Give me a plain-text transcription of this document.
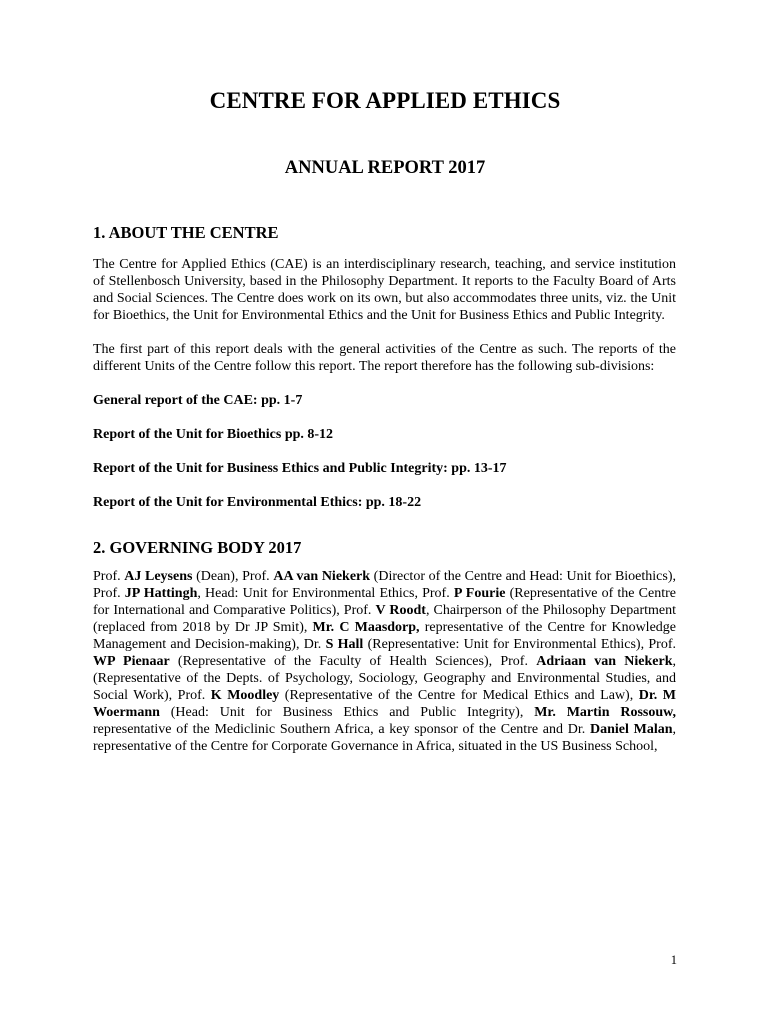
CENTRE FOR APPLIED ETHICS
ANNUAL REPORT 2017
1. ABOUT THE CENTRE

The Centre for Applied Ethics (CAE) is an interdisciplinary research, teaching, and service institution of Stellenbosch University, based in the Philosophy Department. It reports to the Faculty Board of Arts and Social Sciences. The Centre does work on its own, but also accommodates three units, viz. the Unit for Bioethics, the Unit for Environmental Ethics and the Unit for Business Ethics and Public Integrity.

The first part of this report deals with the general activities of the Centre as such. The reports of the different Units of the Centre follow this report. The report therefore has the following sub-divisions:

General report of the CAE: pp. 1-7
Report of the Unit for Bioethics pp. 8-12
Report of the Unit for Business Ethics and Public Integrity: pp. 13-17
Report of the Unit for Environmental Ethics: pp. 18-22
2. GOVERNING BODY 2017

Prof. AJ Leysens (Dean), Prof. AA van Niekerk (Director of the Centre and Head: Unit for Bioethics), Prof. JP Hattingh, Head: Unit for Environmental Ethics, Prof. P Fourie (Representative of the Centre for International and Comparative Politics), Prof. V Roodt, Chairperson of the Philosophy Department (replaced from 2018 by Dr JP Smit), Mr. C Maasdorp, representative of the Centre for Knowledge Management and Decision-making), Dr. S Hall (Representative: Unit for Environmental Ethics), Prof. WP Pienaar (Representative of the Faculty of Health Sciences), Prof. Adriaan van Niekerk, (Representative of the Depts. of Psychology, Sociology, Geography and Environmental Studies, and Social Work), Prof. K Moodley (Representative of the Centre for Medical Ethics and Law), Dr. M Woermann (Head: Unit for Business Ethics and Public Integrity), Mr. Martin Rossouw, representative of the Mediclinic Southern Africa, a key sponsor of the Centre and Dr. Daniel Malan, representative of the Centre for Corporate Governance in Africa, situated in the US Business School,

1
